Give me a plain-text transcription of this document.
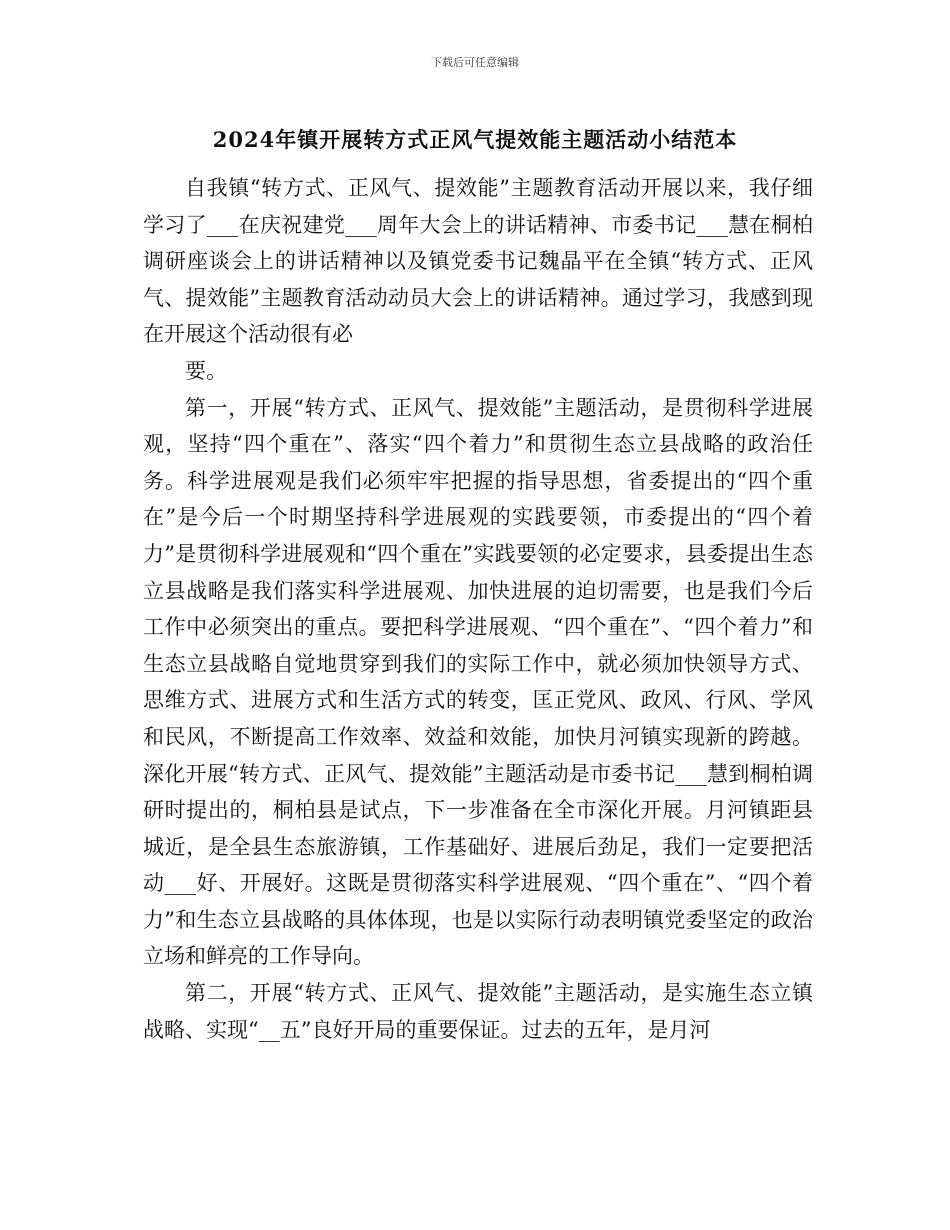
下载后可任意编辑
2024年镇开展转方式正风气提效能主题活动小结范本

自我镇“转方式、正风气、提效能”主题教育活动开展以来，我仔细学习了___在庆祝建党___周年大会上的讲话精神、市委书记___慧在桐柏调研座谈会上的讲话精神以及镇党委书记魏晶平在全镇“转方式、正风气、提效能”主题教育活动动员大会上的讲话精神。通过学习，我感到现在开展这个活动很有必

要。

第一，开展“转方式、正风气、提效能”主题活动，是贯彻科学进展观，坚持“四个重在”、落实“四个着力”和贯彻生态立县战略的政治任务。科学进展观是我们必须牢牢把握的指导思想，省委提出的“四个重在”是今后一个时期坚持科学进展观的实践要领，市委提出的“四个着力”是贯彻科学进展观和“四个重在”实践要领的必定要求，县委提出生态立县战略是我们落实科学进展观、加快进展的迫切需要，也是我们今后工作中必须突出的重点。要把科学进展观、“四个重在”、“四个着力”和生态立县战略自觉地贯穿到我们的实际工作中，就必须加快领导方式、思维方式、进展方式和生活方式的转变，匡正党风、政风、行风、学风和民风，不断提高工作效率、效益和效能，加快月河镇实现新的跨越。深化开展“转方式、正风气、提效能”主题活动是市委书记___慧到桐柏调研时提出的，桐柏县是试点，下一步准备在全市深化开展。月河镇距县城近，是全县生态旅游镇，工作基础好、进展后劲足，我们一定要把活动___好、开展好。这既是贯彻落实科学进展观、“四个重在”、“四个着力”和生态立县战略的具体体现，也是以实际行动表明镇党委坚定的政治立场和鲜亮的工作导向。

第二，开展“转方式、正风气、提效能”主题活动，是实施生态立镇战略、实现“__五”良好开局的重要保证。过去的五年，是月河
